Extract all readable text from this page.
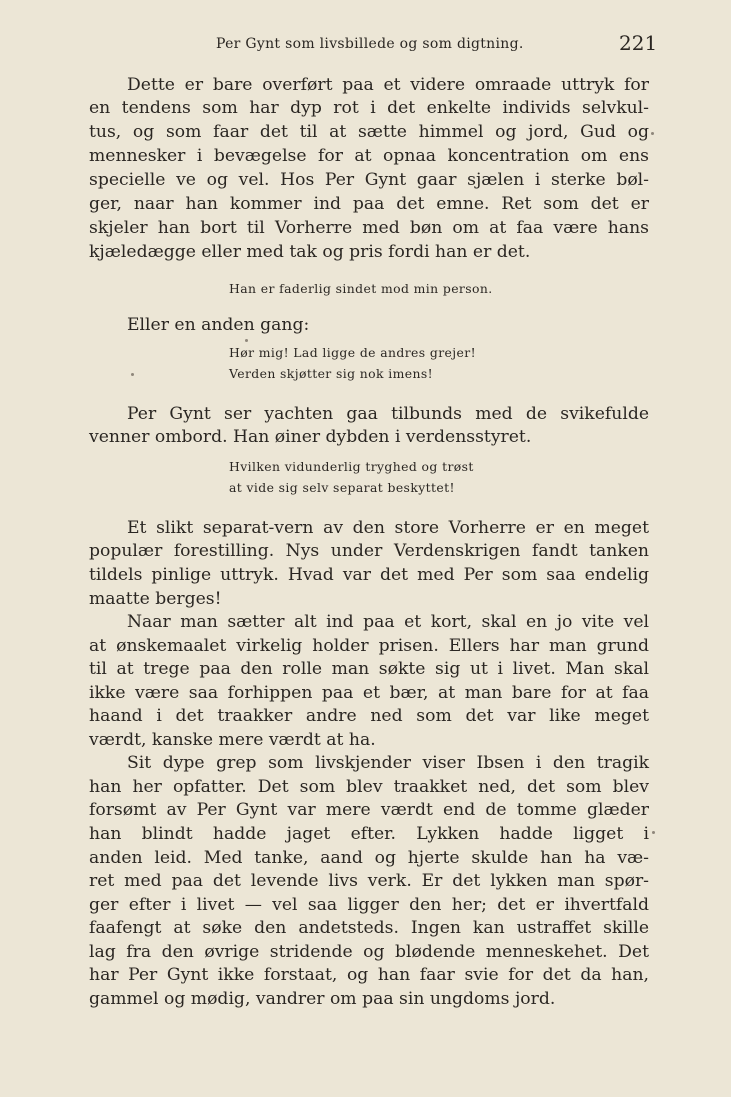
Per Gynt som livsbillede og som digtning.	221
Dette er bare overført paa et videre omraade uttryk for
en tendens som har dyp rot i det enkelte individs selvkul-
tus, og som faar det til at sætte himmel og jord, Gud og
mennesker i bevægelse for at opnaa koncentration om ens
specielle ve og vel. Hos Per Gynt gaar sjælen i sterke bøl-
ger, naar han kommer ind paa det emne. Ret som det er
skjeler han bort til Vorherre med bøn om at faa være hans
kjæledægge eller med tak og pris fordi han er det.
Han er faderlig sindet mod min person.
Eller en anden gang:
Hør mig! Lad ligge de andres grejer!
Verden skjøtter sig nok imens!
Per Gynt ser yachten gaa tilbunds med de svikefulde
venner ombord. Han øiner dybden i verdensstyret.
Hvilken vidunderlig tryghed og trøst
at vide sig selv separat beskyttet!
Et slikt separat-vern av den store Vorherre er en meget
populær forestilling. Nys under Verdenskrigen fandt tanken
tildels pinlige uttryk. Hvad var det med Per som saa endelig
maatte berges!
Naar man sætter alt ind paa et kort, skal en jo vite vel
at ønskemaalet virkelig holder prisen. Ellers har man grund
til at trege paa den rolle man søkte sig ut i livet. Man skal
ikke være saa forhippen paa et bær, at man bare for at faa
haand i det traakker andre ned som det var like meget
værdt, kanske mere værdt at ha.
Sit dype grep som livskjender viser Ibsen i den tragik
han her opfatter. Det som blev traakket ned, det som blev
forsømt av Per Gynt var mere værdt end de tomme glæder
han blindt hadde jaget efter. Lykken hadde ligget i
anden leid. Med tanke, aand og hjerte skulde han ha væ-
ret med paa det levende livs verk. Er det lykken man spør-
ger efter i livet — vel saa ligger den her; det er ihvertfald
faafengt at søke den andetsteds. Ingen kan ustraffet skille
lag fra den øvrige stridende og blødende menneskehet. Det
har Per Gynt ikke forstaat, og han faar svie for det da han,
gammel og mødig, vandrer om paa sin ungdoms jord.
